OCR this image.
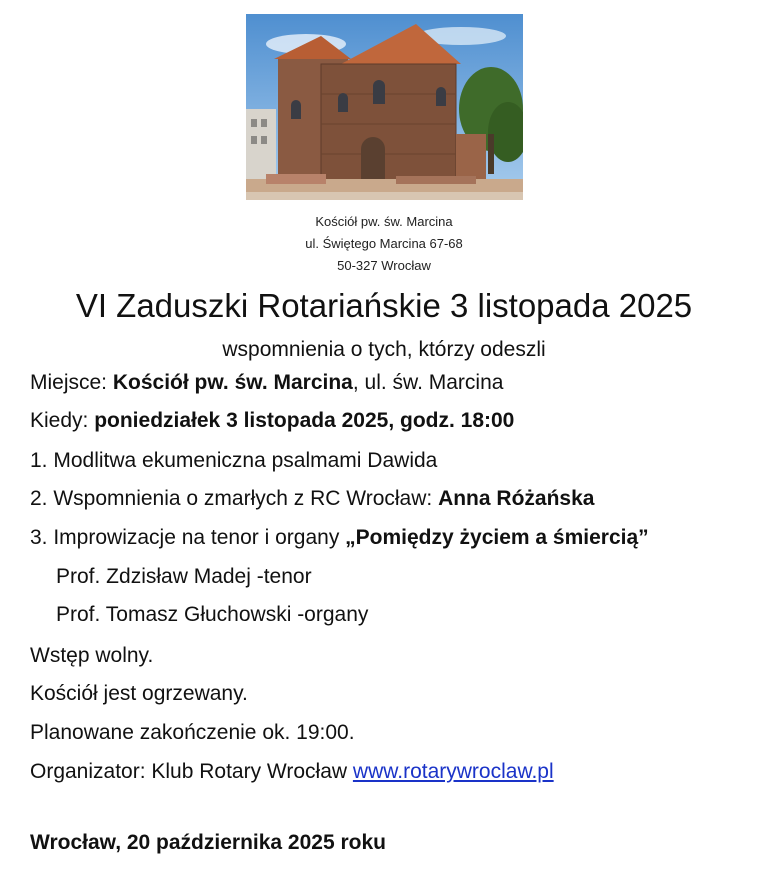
Kościół pw. św. Marcina
ul. Świętego Marcina 67-68
50-327 Wrocław
VI Zaduszki Rotariańskie 3 listopada 2025
wspomnienia o tych, którzy odeszli
Miejsce: Kościół pw. św. Marcina, ul. św. Marcina
Kiedy: poniedziałek 3 listopada 2025, godz. 18:00
1. Modlitwa ekumeniczna psalmami Dawida
2. Wspomnienia o zmarłych z RC Wrocław: Anna Różańska
3. Improwizacje na tenor i organy „Pomiędzy życiem a śmiercią”
Prof. Zdzisław Madej -tenor
Prof. Tomasz Głuchowski -organy
Wstęp wolny.
Kościół jest ogrzewany.
Planowane zakończenie ok. 19:00.
Organizator: Klub Rotary Wrocław www.rotarywroclaw.pl
Wrocław, 20 października 2025 roku
